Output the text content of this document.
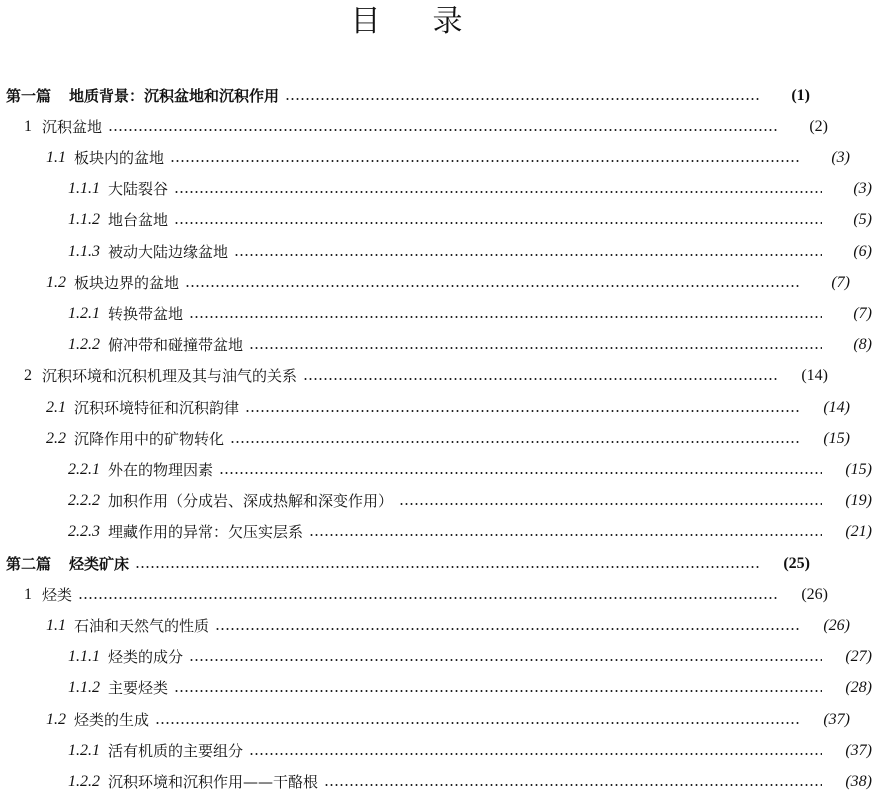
目录
第一篇 地质背景：沉积盆地和沉积作用	(1)
1 沉积盆地	(2)
1.1 板块内的盆地	(3)
1.1.1 大陆裂谷	(3)
1.1.2 地台盆地	(5)
1.1.3 被动大陆边缘盆地	(6)
1.2 板块边界的盆地	(7)
1.2.1 转换带盆地	(7)
1.2.2 俯冲带和碰撞带盆地	(8)
2 沉积环境和沉积机理及其与油气的关系	(14)
2.1 沉积环境特征和沉积韵律	(14)
2.2 沉降作用中的矿物转化	(15)
2.2.1 外在的物理因素	(15)
2.2.2 加积作用（分成岩、深成热解和深变作用）	(19)
2.2.3 埋藏作用的异常：欠压实层系	(21)
第二篇 烃类矿床	(25)
1 烃类	(26)
1.1 石油和天然气的性质	(26)
1.1.1 烃类的成分	(27)
1.1.2 主要烃类	(28)
1.2 烃类的生成	(37)
1.2.1 活有机质的主要组分	(37)
1.2.2 沉积环境和沉积作用——干酪根	(38)
